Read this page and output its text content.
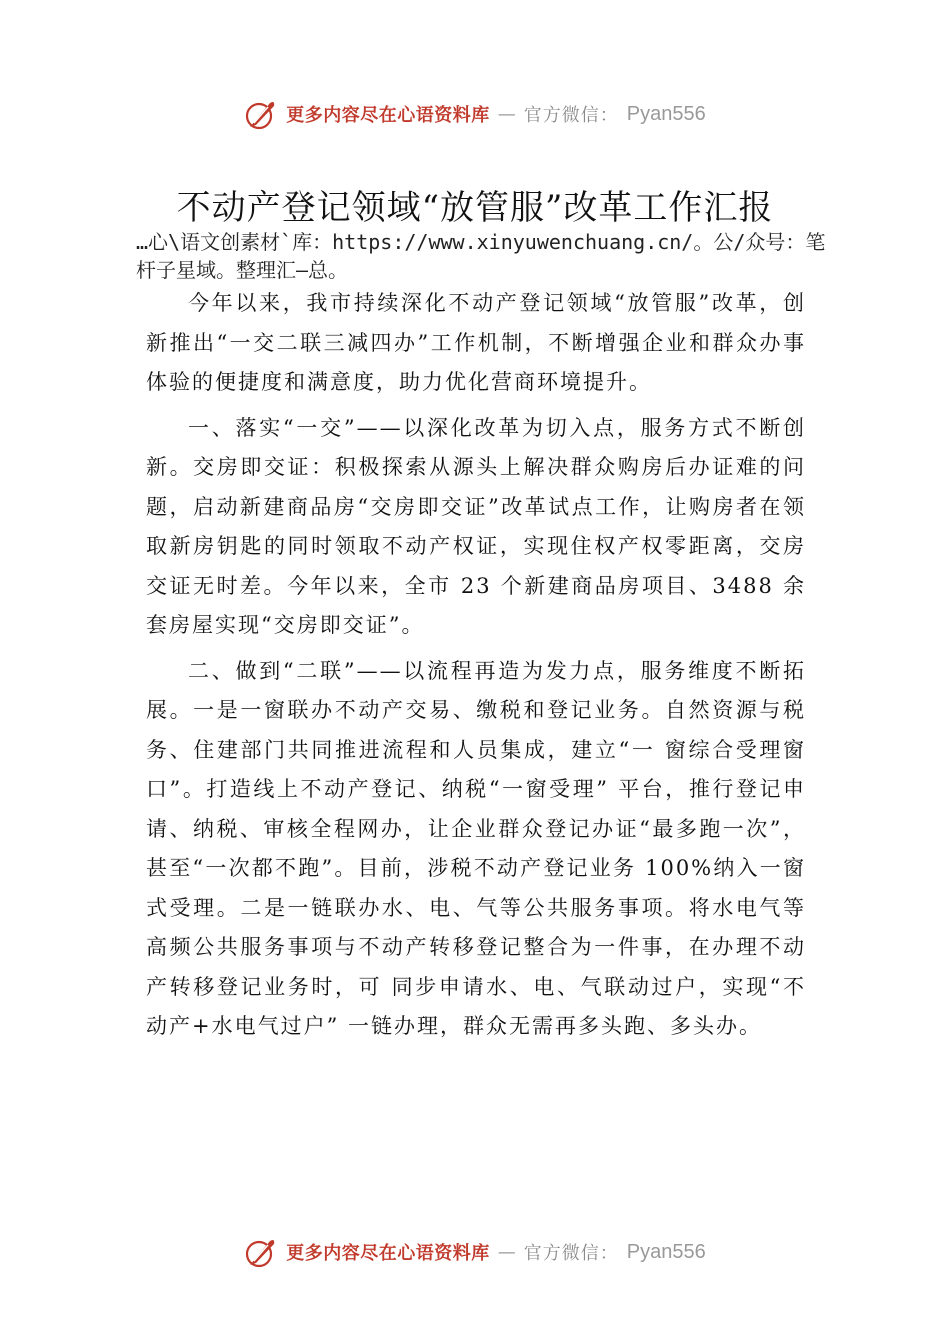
更多内容尽在心语资料库 — 官方微信： Pyan556
不动产登记领域“放管服”改革工作汇报
…心\语文创素材`库：https://www.xinyuwenchuang.cn/。公/众号：笔杆子星域。整理汇—总。

今年以来，我市持续深化不动产登记领域“放管服”改革，创新推出“一交二联三减四办”工作机制，不断增强企业和群众办事体验的便捷度和满意度，助力优化营商环境提升。

一、落实“一交”——以深化改革为切入点，服务方式不断创新。交房即交证：积极探索从源头上解决群众购房后办证难的问题，启动新建商品房“交房即交证”改革试点工作，让购房者在领取新房钥匙的同时领取不动产权证，实现住权产权零距离，交房交证无时差。今年以来，全市 23 个新建商品房项目、3488 余套房屋实现“交房即交证”。

二、做到“二联”——以流程再造为发力点，服务维度不断拓展。一是一窗联办不动产交易、缴税和登记业务。自然资源与税务、住建部门共同推进流程和人员集成，建立“一 窗综合受理窗口”。打造线上不动产登记、纳税“一窗受理” 平台，推行登记申请、纳税、审核全程网办，让企业群众登记办证“最多跑一次”，甚至“一次都不跑”。目前，涉税不动产登记业务 100%纳入一窗式受理。二是一链联办水、电、气等公共服务事项。将水电气等高频公共服务事项与不动产转移登记整合为一件事，在办理不动产转移登记业务时，可 同步申请水、电、气联动过户，实现“不动产+水电气过户” 一链办理，群众无需再多头跑、多头办。

更多内容尽在心语资料库 — 官方微信： Pyan556
